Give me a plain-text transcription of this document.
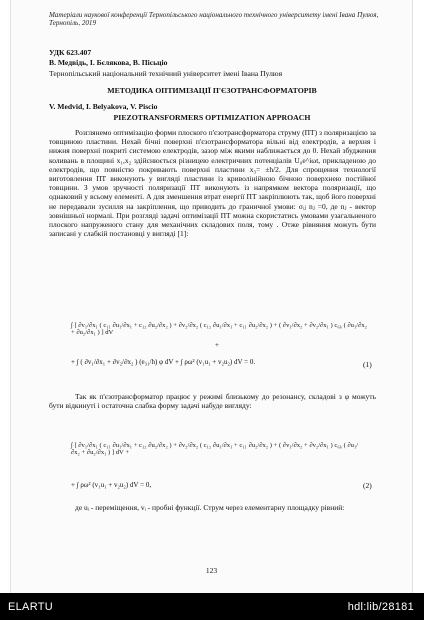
Матеріали наукової конференції Тернопільського національного технічного університету імені Івана Пулюя, Тернопіль, 2019
УДК 623.407
В. Медвідь, І. Бєлякова, В. Пісьціо
Тернопільський національний технічний університет імені Івана Пулюя
МЕТОДИКА ОПТИМІЗАЦІЇ П'ЄЗОТРАНСФОРМАТОРІВ
V. Medvid, I. Belyakova, V. Piscio
PIEZOTRANSFORMERS OPTIMIZATION APPROACH

Розглянемо оптимізацію форми плоского п'єзотрансформатора струму (ПТ) з поляризацією за товщиною пластини. Нехай бічні поверхні п'єзотрансформатора вільні від електродів, а верхня і нижня поверхні покриті системою електродів, зазор між якими наближається до 0. Нехай збудження коливань в площині x₁,x₂ здійснюється різницею електричних потенціалів U₀e^iωt, прикладеною до електродів, що повністю покривають поверхні пластини x₃= ±h/2. Для спрощення технології виготовлення ПТ виконують у вигляді пластини із криволінійною бічною поверхнею постійної товщини. З умов зручності поляризації ПТ виконують із напрямком вектора поляризації, що однаковий у всьому елементі. А для зменшення втрат енергії ПТ закріплюють так, щоб його поверхні не передавали зусилля на закріплення, що приводить до граничної умови: σᵢⱼ nⱼ =0, де nⱼ - вектор зовнішньої нормалі. При розгляді задачі оптимізації ПТ можна скористатись умовами узагальненого плоского напруженого стану для механічних складових поля, тому . Отже рівняння можуть бути записані у слабкій постановці у вигляді [1]:

∫ [ ∂v₁/∂x₁ ( c₁₁ ∂u₁/∂x₁ + c₁₂ ∂u₂/∂x₂ ) + ∂v₂/∂x₂ ( c₁₂ ∂u₁/∂x₁ + c₁₁ ∂u₂/∂x₂ ) + ( ∂v₁/∂x₂ + ∂v₂/∂x₁ ) c₆₆ ( ∂u₁/∂x₂ + ∂u₂/∂x₁ ) ] dV
+
+ ∫ ( ∂v₁/∂x₁ + ∂v₂/∂x₂ ) (e₃₁/h) φ dV + ∫ ρω² (v₁u₁ + v₂u₂) dV = 0.	(1)

Так як п'єзотрансформатор працює у режимі близькому до резонансу, складові з φ можуть бути відкинуті і остаточна слабка форму задачі набуде вигляду:

∫ [ ∂v₁/∂x₁ ( c₁₁ ∂u₁/∂x₁ + c₁₂ ∂u₂/∂x₂ ) + ∂v₂/∂x₂ ( c₁₂ ∂u₁/∂x₁ + c₁₁ ∂u₂/∂x₂ ) + ( ∂v₁/∂x₂ + ∂v₂/∂x₁ ) c₆₆ ( ∂u₁/∂x₂ + ∂u₂/∂x₁ ) ] dV +
+ ∫ ρω² (v₁u₁ + v₂u₂) dV = 0,	(2)

де uᵢ - переміщення, vᵢ - пробні функції. Струм через елементарну площадку рівний:

123
ELARTU	hdl:lib/28181
